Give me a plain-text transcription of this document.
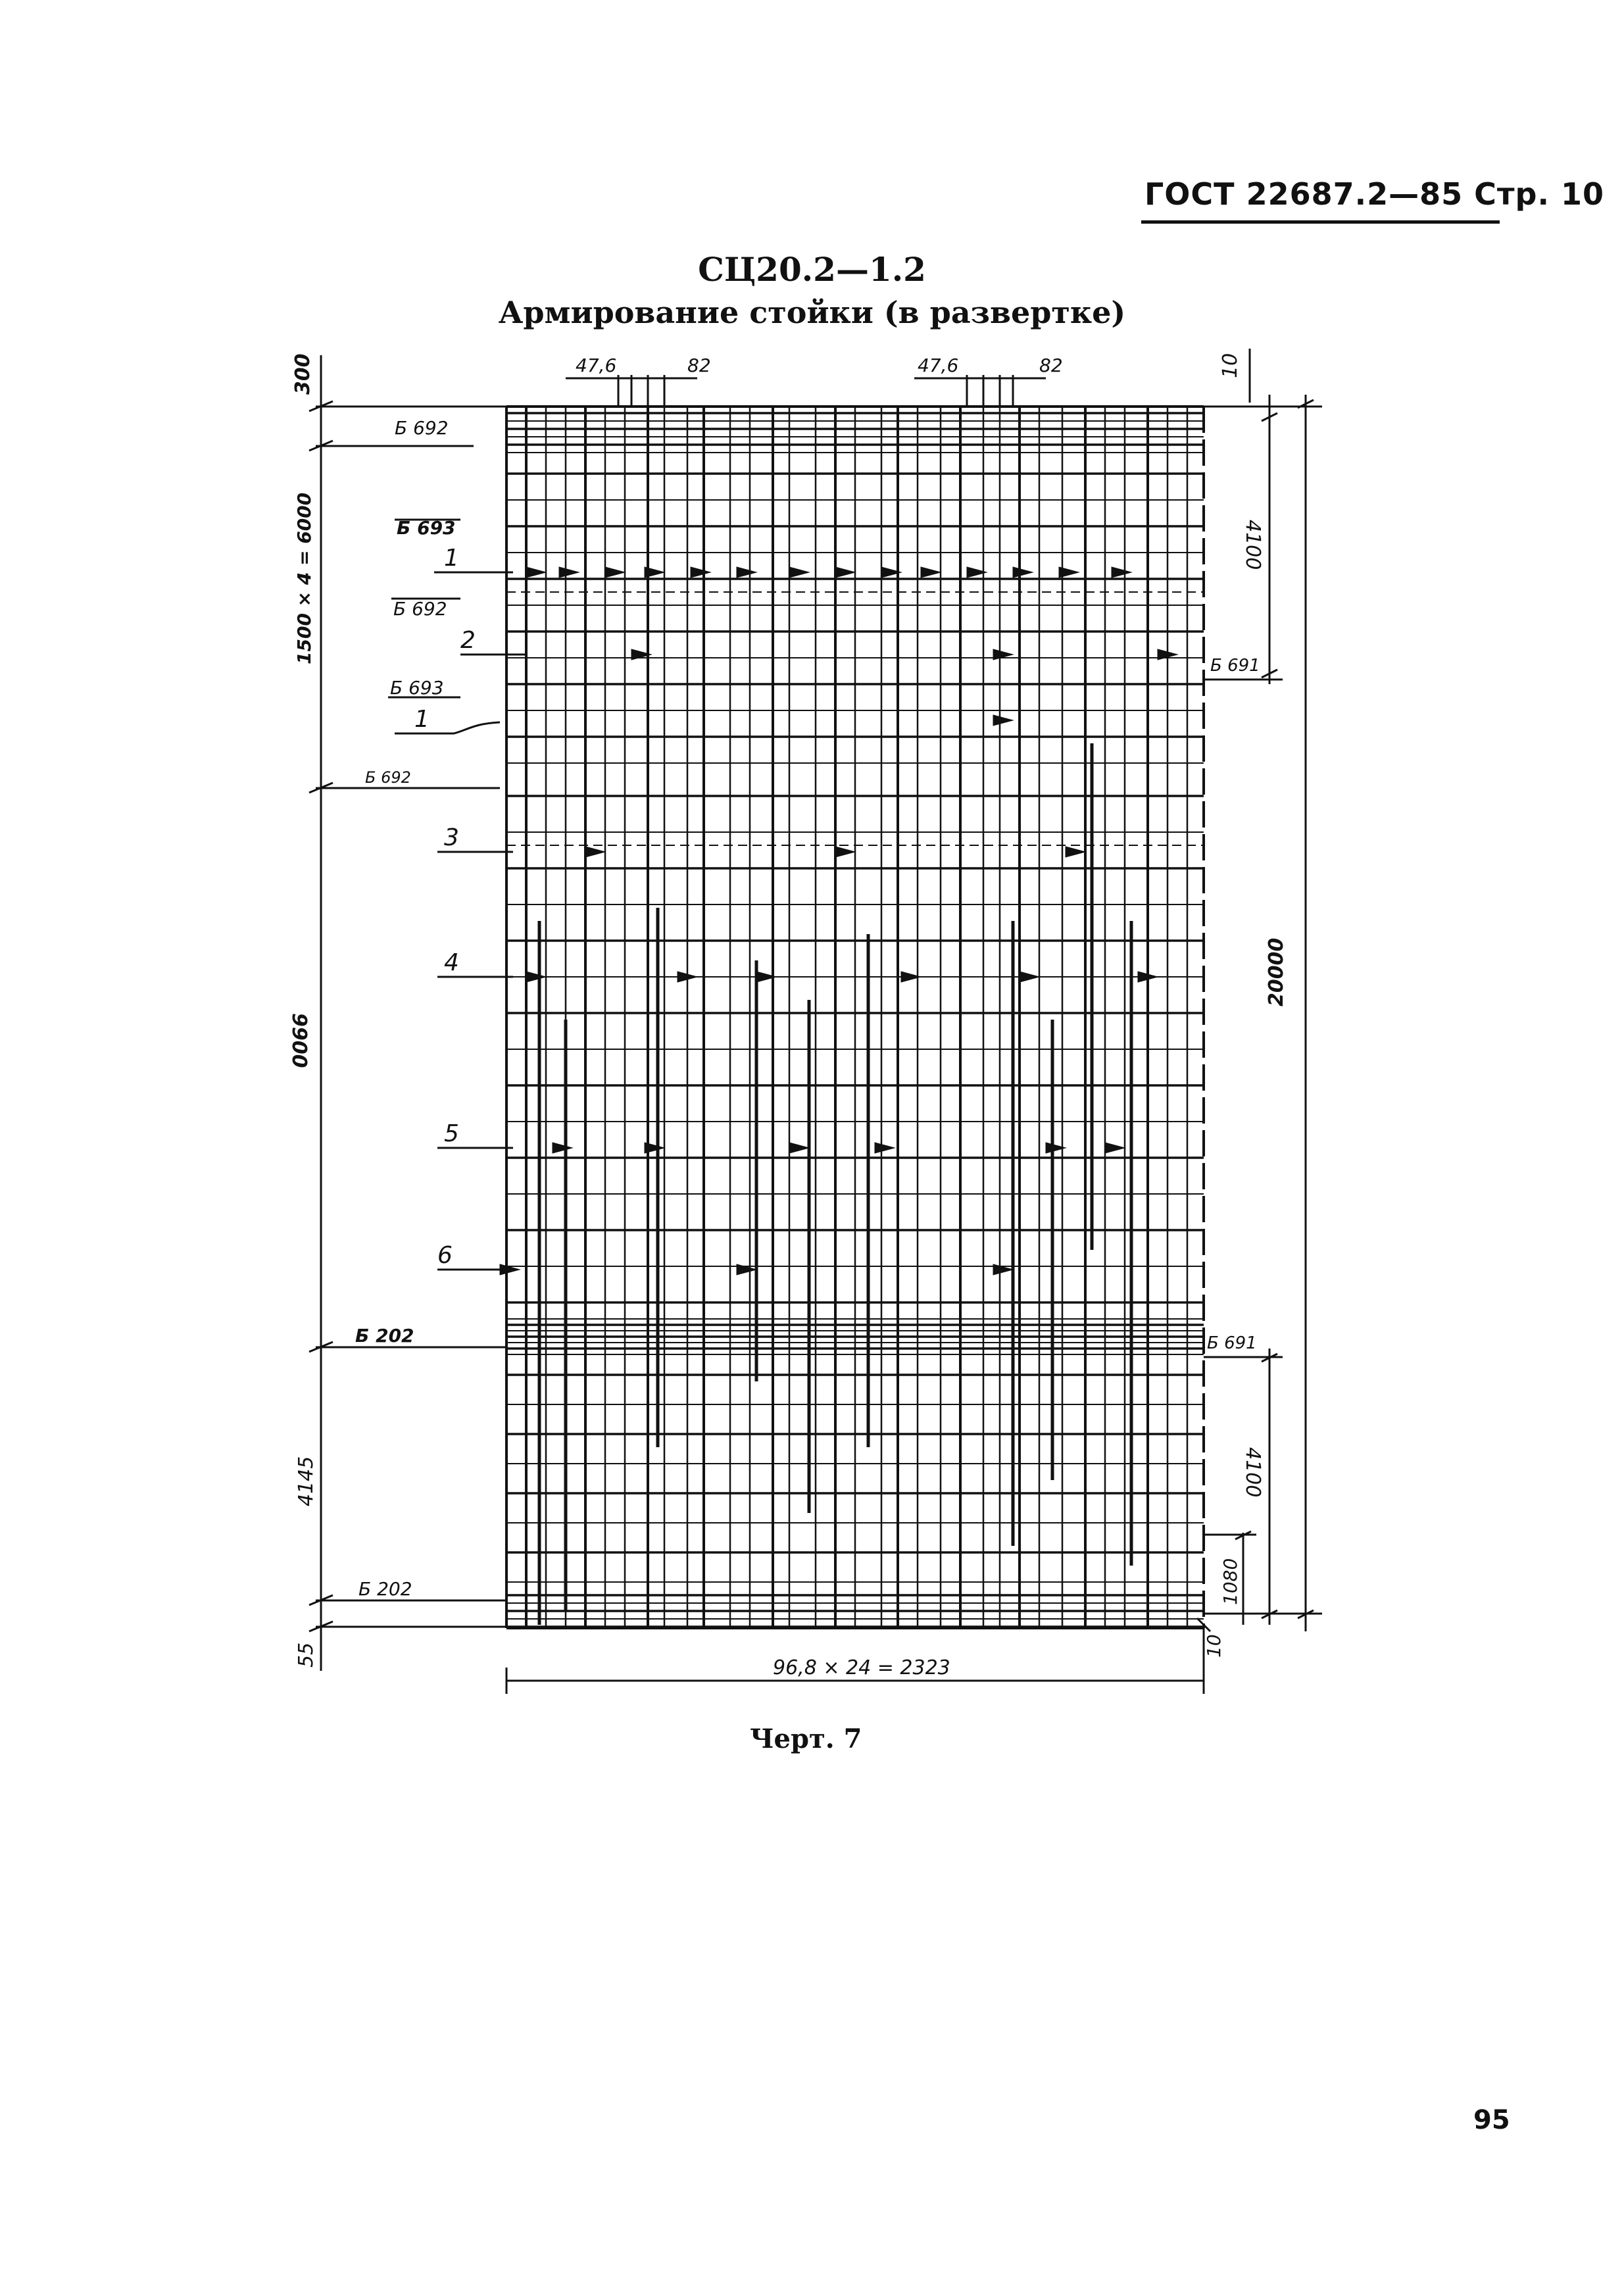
ГОСТ 22687.2—85 Стр. 10
СЦ20.2—1.2
Армирование стойки (в развертке)
300
1500 × 4 = 6000
9900
4145
55
4100
20000
4100
1080
10
10
47,6	82	47,6	82
96,8 × 24 = 2323
Б 692
Б 693
Б 692
Б 693
Б 692
Б 202
Б 202
Б 691
Б 691
1
2
1
3
4
5
6
Черт. 7
95
